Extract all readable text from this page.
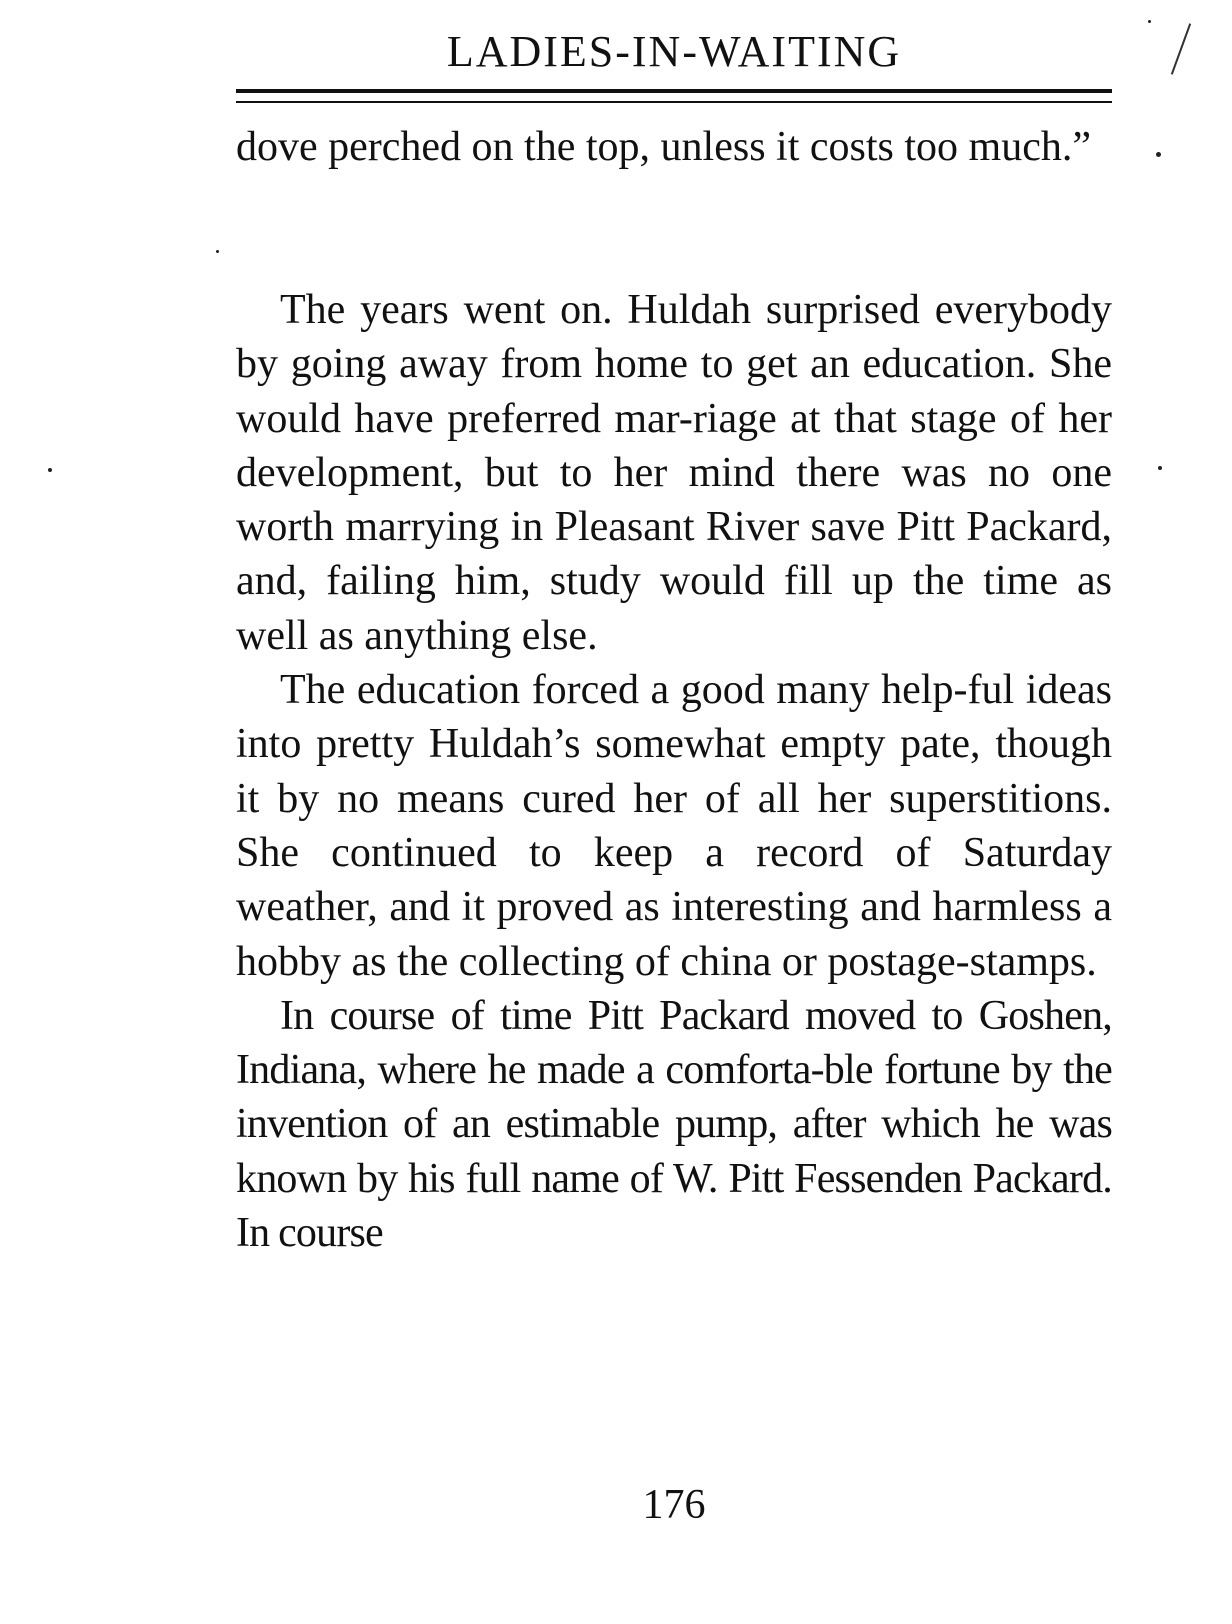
LADIES-IN-WAITING

dove perched on the top, unless it costs too much.”

The years went on. Huldah surprised everybody by going away from home to get an education. She would have preferred mar-riage at that stage of her development, but to her mind there was no one worth marrying in Pleasant River save Pitt Packard, and, failing him, study would fill up the time as well as anything else.

The education forced a good many help-ful ideas into pretty Huldah’s somewhat empty pate, though it by no means cured her of all her superstitions. She continued to keep a record of Saturday weather, and it proved as interesting and harmless a hobby as the collecting of china or postage-stamps.

In course of time Pitt Packard moved to Goshen, Indiana, where he made a comforta-ble fortune by the invention of an estimable pump, after which he was known by his full name of W. Pitt Fessenden Packard. In course

176
